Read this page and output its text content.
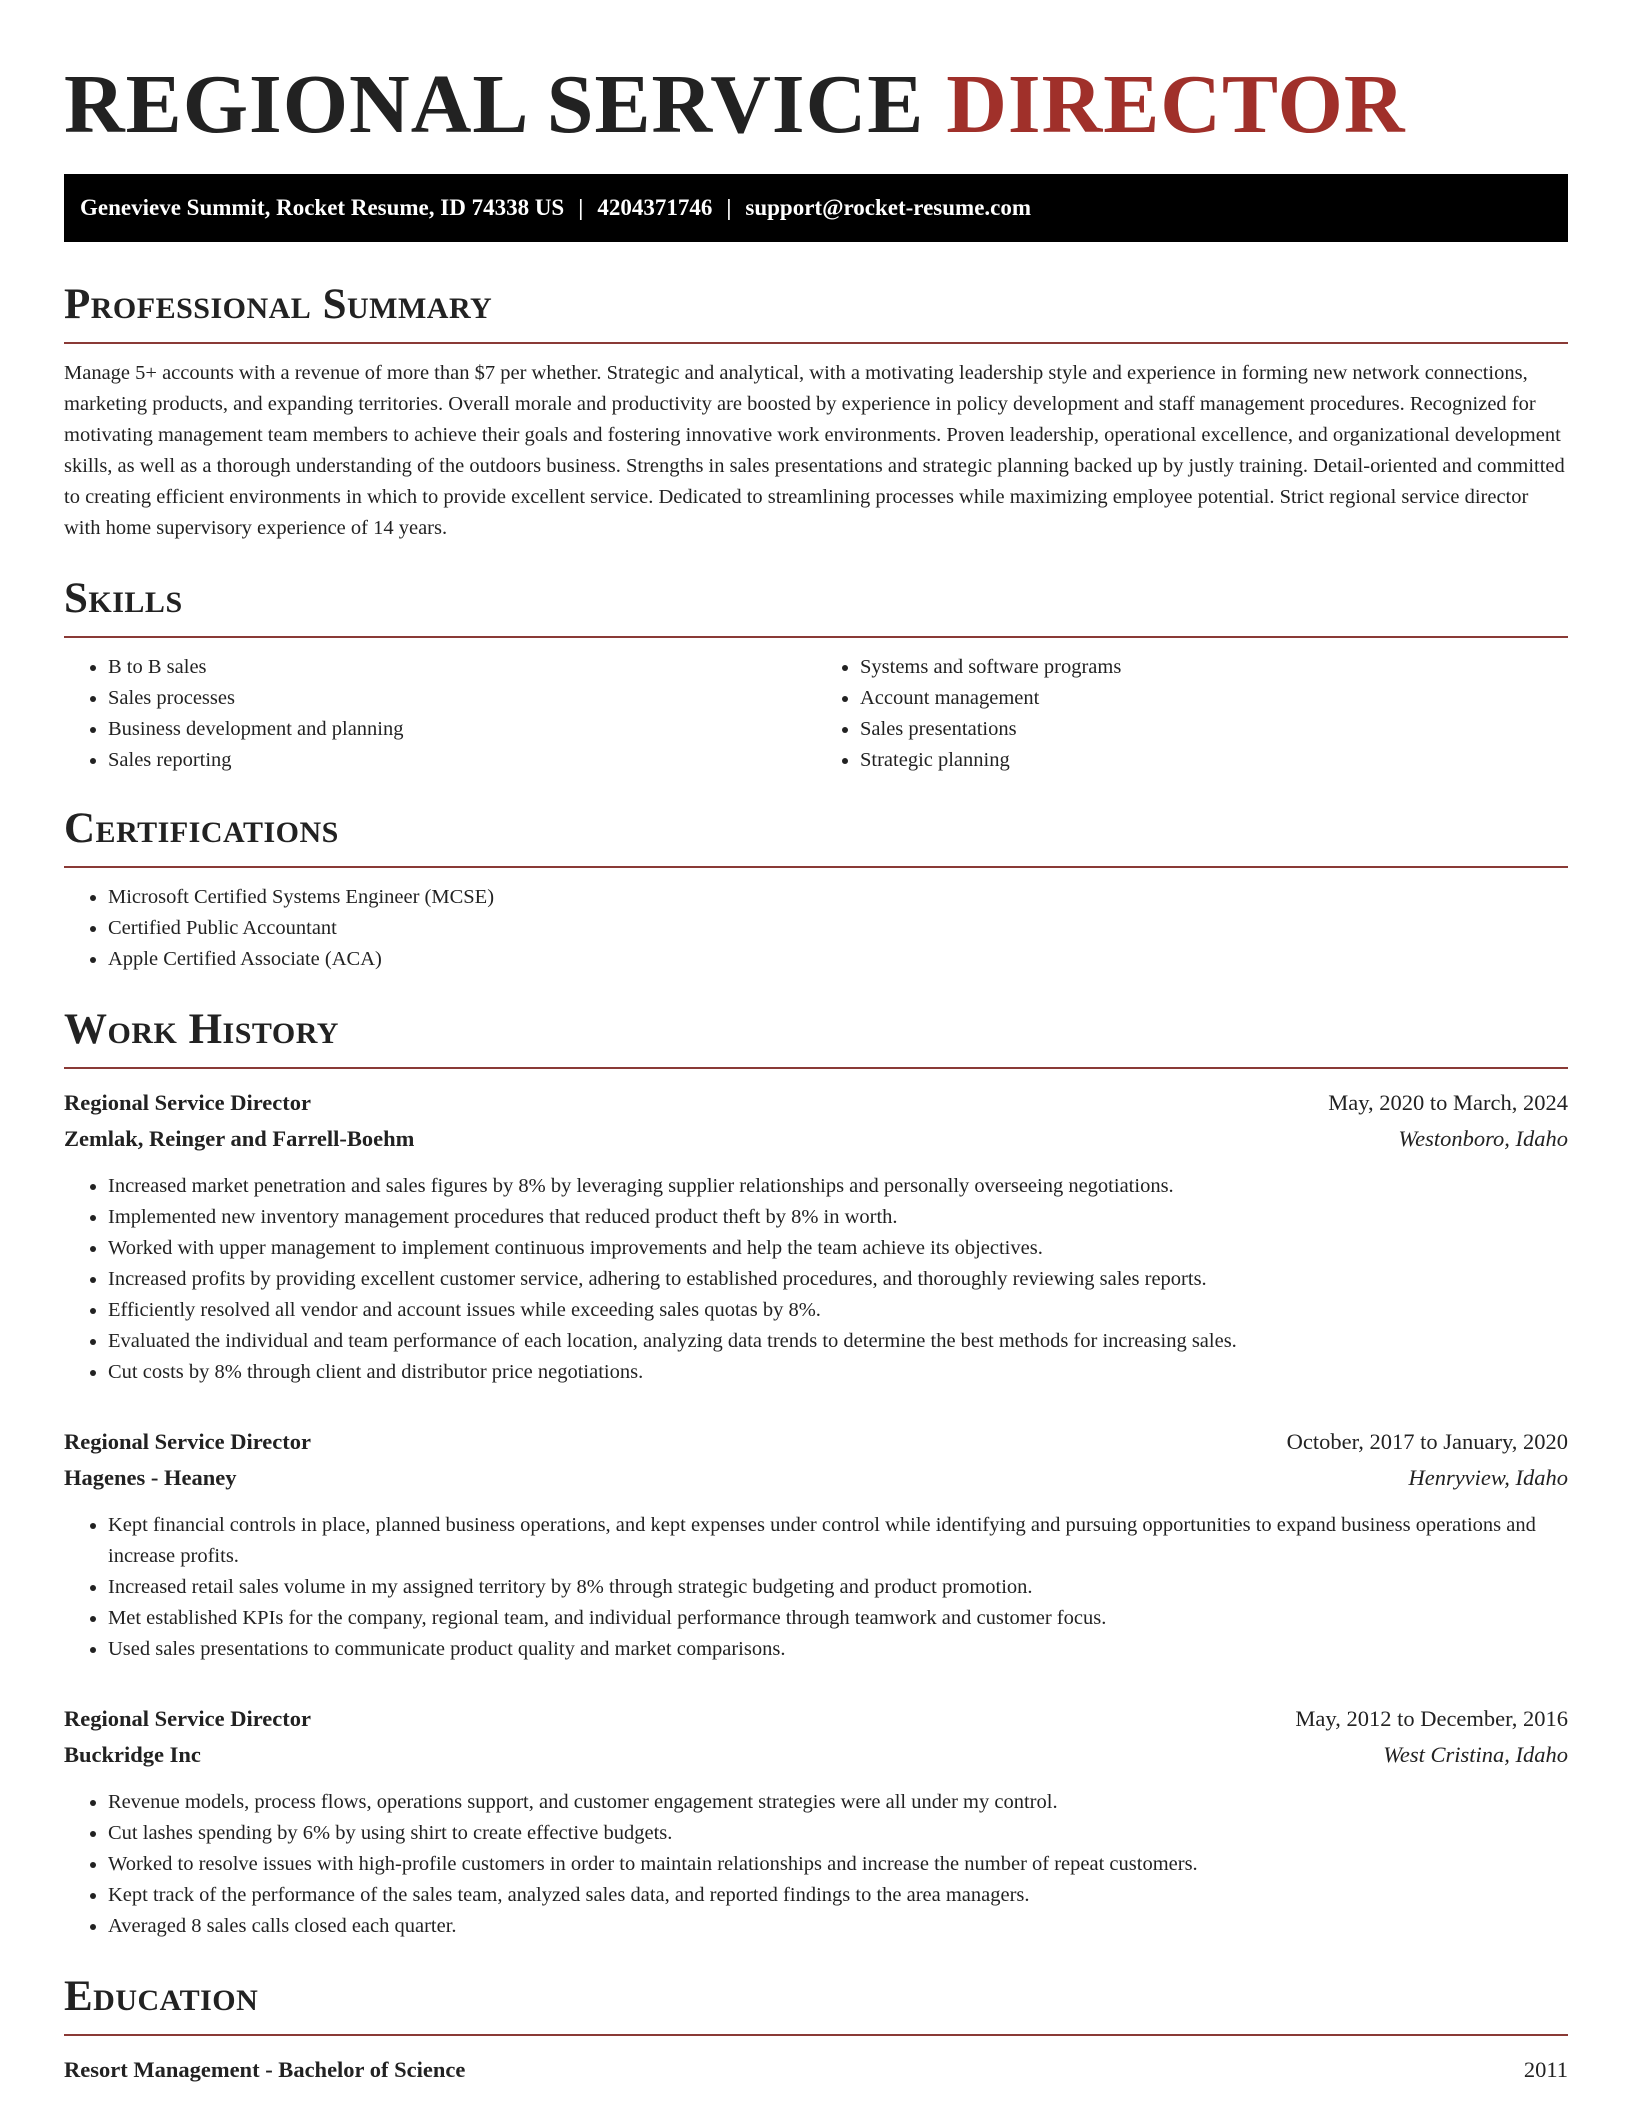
REGIONAL SERVICE DIRECTOR
Genevieve Summit, Rocket Resume, ID 74338 US | 4204371746 | support@rocket-resume.com
Professional Summary

Manage 5+ accounts with a revenue of more than $7 per whether. Strategic and analytical, with a motivating leadership style and experience in forming new network connections, marketing products, and expanding territories. Overall morale and productivity are boosted by experience in policy development and staff management procedures. Recognized for motivating management team members to achieve their goals and fostering innovative work environments. Proven leadership, operational excellence, and organizational development skills, as well as a thorough understanding of the outdoors business. Strengths in sales presentations and strategic planning backed up by justly training. Detail-oriented and committed to creating efficient environments in which to provide excellent service. Dedicated to streamlining processes while maximizing employee potential. Strict regional service director with home supervisory experience of 14 years.

Skills
• B to B sales
• Sales processes
• Business development and planning
• Sales reporting
• Systems and software programs
• Account management
• Sales presentations
• Strategic planning
Certifications
• Microsoft Certified Systems Engineer (MCSE)
• Certified Public Accountant
• Apple Certified Associate (ACA)
Work History
Regional Service Director	May, 2020 to March, 2024
Zemlak, Reinger and Farrell-Boehm	Westonboro, Idaho
• Increased market penetration and sales figures by 8% by leveraging supplier relationships and personally overseeing negotiations.
• Implemented new inventory management procedures that reduced product theft by 8% in worth.
• Worked with upper management to implement continuous improvements and help the team achieve its objectives.
• Increased profits by providing excellent customer service, adhering to established procedures, and thoroughly reviewing sales reports.
• Efficiently resolved all vendor and account issues while exceeding sales quotas by 8%.
• Evaluated the individual and team performance of each location, analyzing data trends to determine the best methods for increasing sales.
• Cut costs by 8% through client and distributor price negotiations.
Regional Service Director	October, 2017 to January, 2020
Hagenes - Heaney	Henryview, Idaho
• Kept financial controls in place, planned business operations, and kept expenses under control while identifying and pursuing opportunities to expand business operations and increase profits.
• Increased retail sales volume in my assigned territory by 8% through strategic budgeting and product promotion.
• Met established KPIs for the company, regional team, and individual performance through teamwork and customer focus.
• Used sales presentations to communicate product quality and market comparisons.
Regional Service Director	May, 2012 to December, 2016
Buckridge Inc	West Cristina, Idaho
• Revenue models, process flows, operations support, and customer engagement strategies were all under my control.
• Cut lashes spending by 6% by using shirt to create effective budgets.
• Worked to resolve issues with high-profile customers in order to maintain relationships and increase the number of repeat customers.
• Kept track of the performance of the sales team, analyzed sales data, and reported findings to the area managers.
• Averaged 8 sales calls closed each quarter.
Education
Resort Management - Bachelor of Science	2011
